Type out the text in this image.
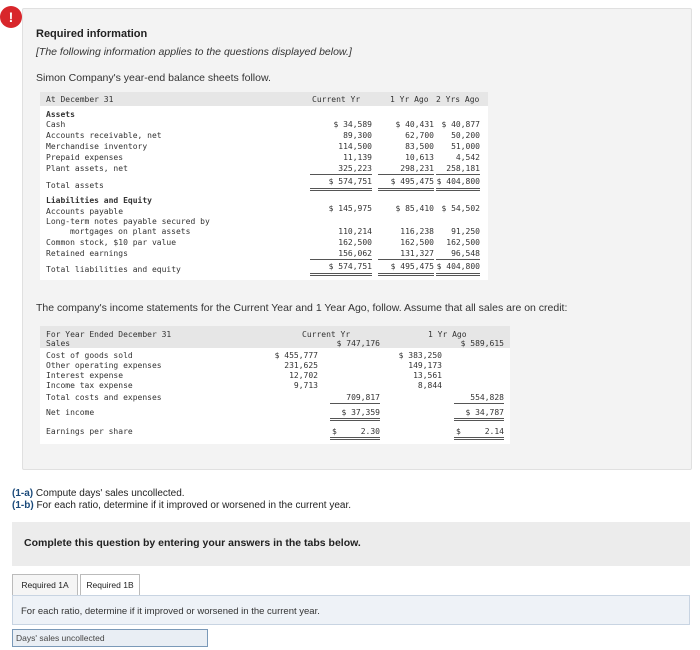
!
Required information
[The following information applies to the questions displayed below.]
Simon Company's year-end balance sheets follow.
At December 31	Current Yr	1 Yr Ago 2 Yrs Ago
Assets
Cash	$ 34,589	$ 40,431 $ 40,877
Accounts receivable, net	89,300	62,700	50,200
Merchandise inventory	114,500	83,500	51,000
Prepaid expenses	11,139	10,613	4,542
Plant assets, net	325,223	298,231	258,181
Total assets	$ 574,751	$ 495,475 $ 404,800
Liabilities and Equity
Accounts payable	$ 145,975	$ 85,410 $ 54,502
Long-term notes payable secured by
mortgages on plant assets	110,214	116,238	91,250
Common stock, $10 par value	162,500	162,500	162,500
Retained earnings	156,062	131,327	96,548
Total liabilities and equity	$ 574,751	$ 495,475 $ 404,800
The company's income statements for the Current Year and 1 Year Ago, follow. Assume that all sales are on credit:
For Year Ended December 31	Current Yr	1 Yr Ago
Sales	$ 747,176	$ 589,615
Cost of goods sold	$ 455,777	$ 383,250
Other operating expenses	231,625	149,173
Interest expense	12,702	13,561
Income tax expense	9,713	8,844
Total costs and expenses	709,817	554,828
Net income	$ 37,359	$ 34,787
Earnings per share	$	2.30	$	2.14
(1-a) Compute days' sales uncollected.
(1-b) For each ratio, determine if it improved or worsened in the current year.
Complete this question by entering your answers in the tabs below.
Required 1A	Required 1B
For each ratio, determine if it improved or worsened in the current year.
Days' sales uncollected
